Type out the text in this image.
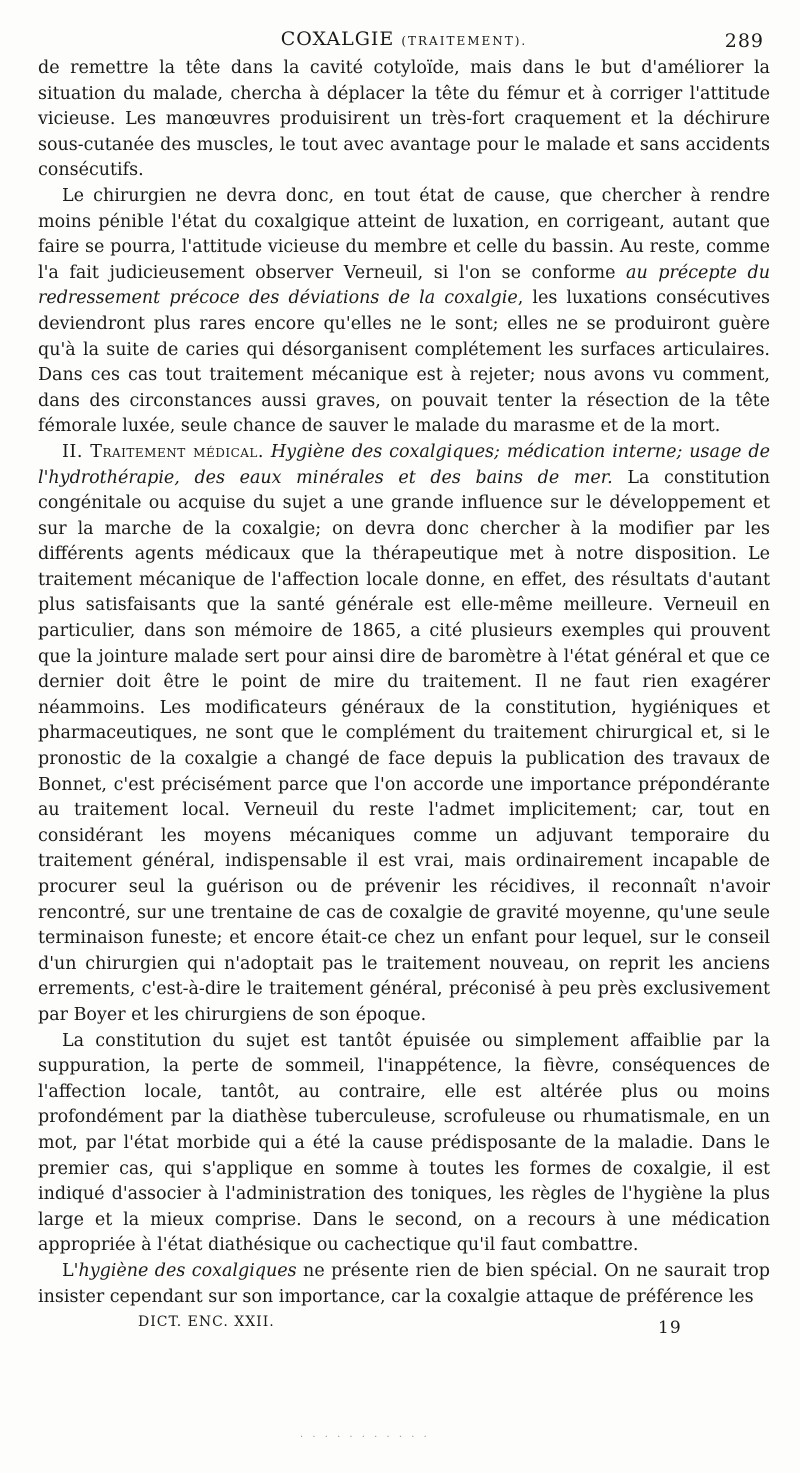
COXALGIE (TRAITEMENT).	289

de remettre la tête dans la cavité cotyloïde, mais dans le but d'améliorer la situation du malade, chercha à déplacer la tête du fémur et à corriger l'attitude vicieuse. Les manœuvres produisirent un très-fort craquement et la déchirure sous-cutanée des muscles, le tout avec avantage pour le malade et sans accidents consécutifs.

Le chirurgien ne devra donc, en tout état de cause, que chercher à rendre moins pénible l'état du coxalgique atteint de luxation, en corrigeant, autant que faire se pourra, l'attitude vicieuse du membre et celle du bassin. Au reste, comme l'a fait judicieusement observer Verneuil, si l'on se conforme au précepte du redressement précoce des déviations de la coxalgie, les luxations consécutives deviendront plus rares encore qu'elles ne le sont; elles ne se produiront guère qu'à la suite de caries qui désorganisent complétement les surfaces articulaires. Dans ces cas tout traitement mécanique est à rejeter; nous avons vu comment, dans des circonstances aussi graves, on pouvait tenter la résection de la tête fémorale luxée, seule chance de sauver le malade du marasme et de la mort.

II. Traitement médical. Hygiène des coxalgiques; médication interne; usage de l'hydrothérapie, des eaux minérales et des bains de mer. La constitution congénitale ou acquise du sujet a une grande influence sur le développement et sur la marche de la coxalgie; on devra donc chercher à la modifier par les différents agents médicaux que la thérapeutique met à notre disposition. Le traitement mécanique de l'affection locale donne, en effet, des résultats d'autant plus satisfaisants que la santé générale est elle-même meilleure. Verneuil en particulier, dans son mémoire de 1865, a cité plusieurs exemples qui prouvent que la jointure malade sert pour ainsi dire de baromètre à l'état général et que ce dernier doit être le point de mire du traitement. Il ne faut rien exagérer néammoins. Les modificateurs généraux de la constitution, hygiéniques et pharmaceutiques, ne sont que le complément du traitement chirurgical et, si le pronostic de la coxalgie a changé de face depuis la publication des travaux de Bonnet, c'est précisément parce que l'on accorde une importance prépondérante au traitement local. Verneuil du reste l'admet implicitement; car, tout en considérant les moyens mécaniques comme un adjuvant temporaire du traitement général, indispensable il est vrai, mais ordinairement incapable de procurer seul la guérison ou de prévenir les récidives, il reconnaît n'avoir rencontré, sur une trentaine de cas de coxalgie de gravité moyenne, qu'une seule terminaison funeste; et encore était-ce chez un enfant pour lequel, sur le conseil d'un chirurgien qui n'adoptait pas le traitement nouveau, on reprit les anciens errements, c'est-à-dire le traitement général, préconisé à peu près exclusivement par Boyer et les chirurgiens de son époque.

La constitution du sujet est tantôt épuisée ou simplement affaiblie par la suppuration, la perte de sommeil, l'inappétence, la fièvre, conséquences de l'affection locale, tantôt, au contraire, elle est altérée plus ou moins profondément par la diathèse tuberculeuse, scrofuleuse ou rhumatismale, en un mot, par l'état morbide qui a été la cause prédisposante de la maladie. Dans le premier cas, qui s'applique en somme à toutes les formes de coxalgie, il est indiqué d'associer à l'administration des toniques, les règles de l'hygiène la plus large et la mieux comprise. Dans le second, on a recours à une médication appropriée à l'état diathésique ou cachectique qu'il faut combattre.

L'hygiène des coxalgiques ne présente rien de bien spécial. On ne saurait trop insister cependant sur son importance, car la coxalgie attaque de préférence les

DICT. ENC. XXII.	19
· · · · · · · · · · ·
